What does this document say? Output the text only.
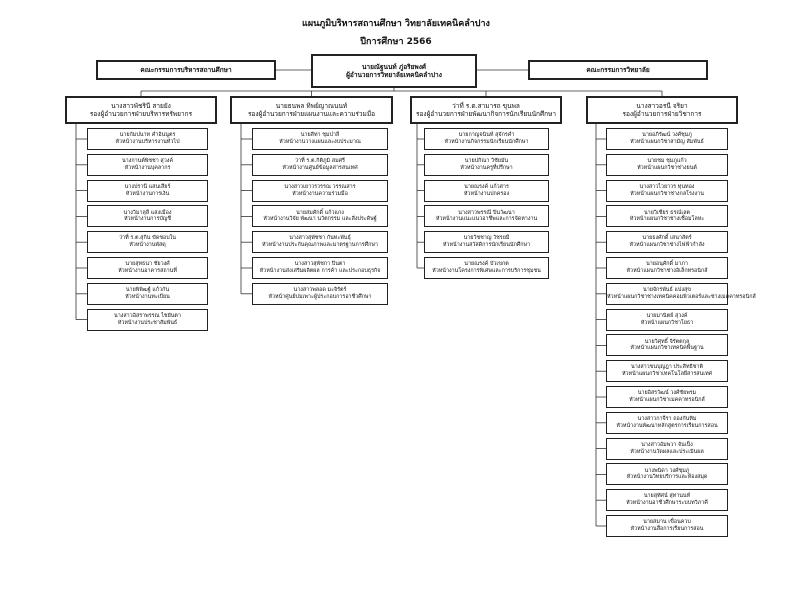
แผนภูมิบริหารสถานศึกษา วิทยาลัยเทคนิคลำปาง
ปีการศึกษา 2566
คณะกรรมการบริหารสถานศึกษา	คณะกรรมการวิทยาลัย
นายณัฐนนท์ ภู่อริยพงศ์
ผู้อำนวยการวิทยาลัยเทคนิคลำปาง
นางสาวพัชรินี สายยัง
รองผู้อำนวยการฝ่ายบริหารทรัพยากร
นายกัมปนาท คำอินนูตร
หัวหน้างานบริหารงานทั่วไป
นางกานต์พิชชา สุวงค์
หัวหน้างานบุคลากร
นางปรานี แสนเสียร์
หัวหน้างานการเงิน
นางวิมาลุลี แสงเมือง
หัวหน้างานการบัญชี
ว่าที่ ร.ต.สุกิน ขัดชอบใน
หัวหน้างานพัสดุ
นายสุทธนา ชัยวงศ์
หัวหน้างานอาคารสถานที่
นายพิพิฒฐ์ แก้วกัน
หัวหน้างานทะเบียน
นางสาวอิสราพรรณ ไชยันตา
หัวหน้างานประชาสัมพันธ์
นายธนพล ทิพย์ญาณนนท์
รองผู้อำนวยการฝ่ายแผนงานและความร่วมมือ
นายสิทา ชุมปาลี
หัวหน้างานวางแผนและงบประมาณ
ว่าที่ ร.ต.กิติภูมิ สมศรี
หัวหน้างานศูนย์ข้อมูลสารสนเทศ
นางสาวเยาวรวรรณ วรรณสาร
หัวหน้างานความร่วมมือ
นายสมศักดิ์ แก้วแกง
หัวหน้างานวิจัย พัฒนา นวัตกรรม และสิ่งประดิษฐ์
นางสาวสุพัชชา กันทะพันธุ์
หัวหน้างานประกันคุณภาพและมาตรฐานการศึกษา
นางสาวสุพัชกา ปินตา
หัวหน้างานส่งเสริมผลิตผล การค้า และประกอบธุรกิจ
นางสาวพลอด มะจิรัตร์
หัวหน้าศูนย์บ่มเพาะผู้ประกอบการอาชีวศึกษา
ว่าที่ ร.ต.สามารถ ขุนพล
รองผู้อำนวยการฝ่ายพัฒนากิจการนักเรียนนักศึกษา
นายกาญจนินท์ สุจักรคำ
หัวหน้างานกิจกรรมนักเรียนนักศึกษา
นายปกิณา วิชัยมัน
หัวหน้างานครูที่ปรึกษา
นายณรงค์ แก้วสาร
หัวหน้างานปกครอง
นางสาวพรรณี ปินวัฒนา
หัวหน้างานแนะแนวอาชีพและการจัดหางาน
นายวิชชาญ วัชรยมี
หัวหน้างานสวัสดิการนักเรียนนักศึกษา
นายณรงค์ บัวเขกต
หัวหน้างานโครงการพิเศษและการบริการชุมชน
นางสาวอรนี จริยา
รองผู้อำนวยการฝ่ายวิชาการ
นายอภิรัฒน์ วงศ์ชุมภู
หัวหน้าแผนกวิชาสามัญ สัมพันธ์
นายชม ชุมภูแก้ว
หัวหน้าแผนกวิชาช่างยนต์
นางสาวไวยาวร ทุนทอง
หัวหน้าแผนกวิชาช่างกลโรงงาน
นายวิเชียร ธรณ์เลต
หัวหน้าแผนกวิชาช่างเชื่อมโลหะ
นายธงศักดิ์ เสนาสัตร์
หัวหน้าแผนกวิชาช่างไฟฟ้ากำลัง
นายอนุศักดิ์ มาภา
หัวหน้าแผนกวิชาช่างอิเล็กทรอนิกส์
นายจักรพันธ์ แปงสุข
หัวหน้าแผนกวิชาช่างเทคนิคคอมพิวเตอร์และช่างเมคคาทรอนิกส์
นายมานิตย์ สุวงค์
หัวหน้าแผนกวิชาโยธา
นายวิศุทธิ์ จิรัตตกุล
หัวหน้าแผนกวิชาเทคนิคพื้นฐาน
นางสาวขนบุญฎา ประสิทธิชาติ
หัวหน้าแผนกวิชาเทคโนโลยีสารสนเทศ
นายอิสรวัฒน์ วงศ์ชัยพรม
หัวหน้าแผนกวิชาเมคคาทรอนิกส์
นางสาวกาจีรา ถองกันทิม
หัวหน้างานพัฒนาหลักสูตรการเรียนการสอน
นางสาวอัมพวา จันเป็ง
หัวหน้างานวัดผลและประเมินผล
นางพนิดา วงศ์ชุมภู
หัวหน้างานวิทยบริการและห้องสมุด
นายสุทัศน์ สุทานนท์
หัวหน้างานอาชีวศึกษาระบบทวิภาคี
นายสมาน เขื่อนควบ
หัวหน้างานสื่อการเรียนการสอน
